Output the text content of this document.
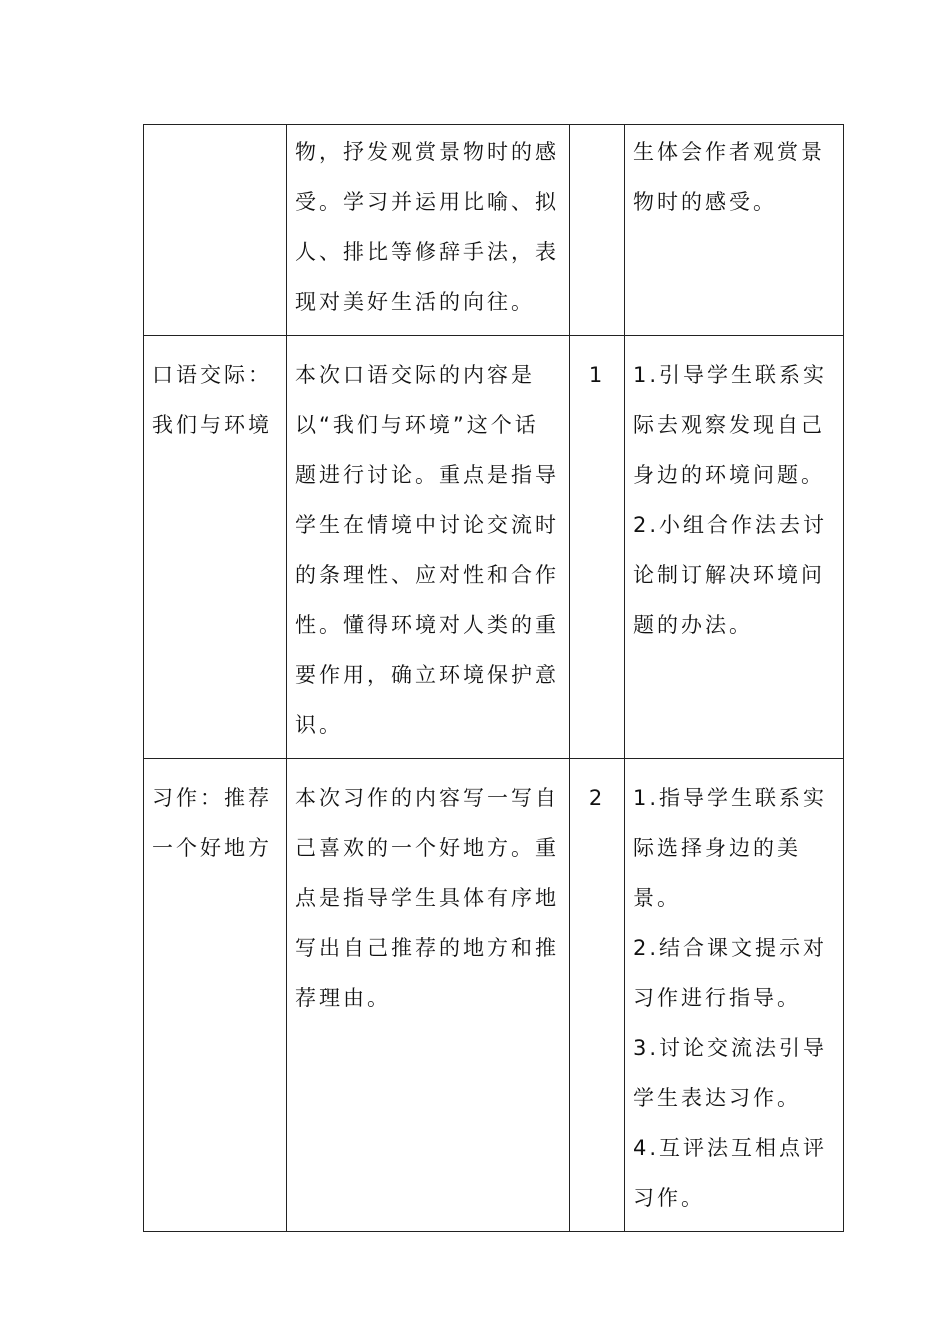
	物，抒发观赏景物时的感受。学习并运用比喻、拟人、排比等修辞手法，表现对美好生活的向往。		生体会作者观赏景物时的感受。

口语交际：我们与环境	本次口语交际的内容是以“我们与环境”这个话题进行讨论。重点是指导学生在情境中讨论交流时的条理性、应对性和合作性。懂得环境对人类的重要作用，确立环境保护意识。	1	1.引导学生联系实际去观察发现自己身边的环境问题。
2.小组合作法去讨论制订解决环境问题的办法。

习作：推荐一个好地方	本次习作的内容写一写自己喜欢的一个好地方。重点是指导学生具体有序地写出自己推荐的地方和推荐理由。	2	1.指导学生联系实际选择身边的美景。
2.结合课文提示对习作进行指导。
3.讨论交流法引导学生表达习作。
4.互评法互相点评习作。
